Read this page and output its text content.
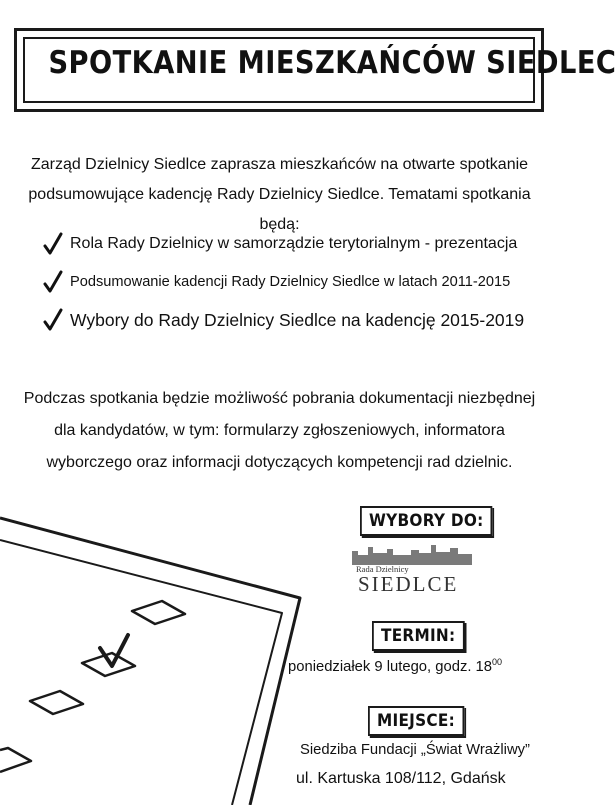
SPOTKANIE MIESZKAŃCÓW SIEDLEC
Zarząd Dzielnicy Siedlce zaprasza mieszkańców na otwarte spotkanie podsumowujące kadencję Rady Dzielnicy Siedlce. Tematami spotkania będą:
Rola Rady Dzielnicy w samorządzie terytorialnym - prezentacja
Podsumowanie kadencji Rady Dzielnicy Siedlce w latach 2011-2015
Wybory do Rady Dzielnicy Siedlce na kadencję 2015-2019
Podczas spotkania będzie możliwość pobrania dokumentacji niezbędnej dla kandydatów, w tym: formularzy zgłoszeniowych, informatora wyborczego oraz informacji dotyczących kompetencji rad dzielnic.
WYBORY DO:
Rada Dzielnicy
SIEDLCE
TERMIN:
poniedziałek 9 lutego, godz. $18^{00}$
MIEJSCE:
Siedziba Fundacji „Świat Wrażliwy”
ul. Kartuska 108/112, Gdańsk
